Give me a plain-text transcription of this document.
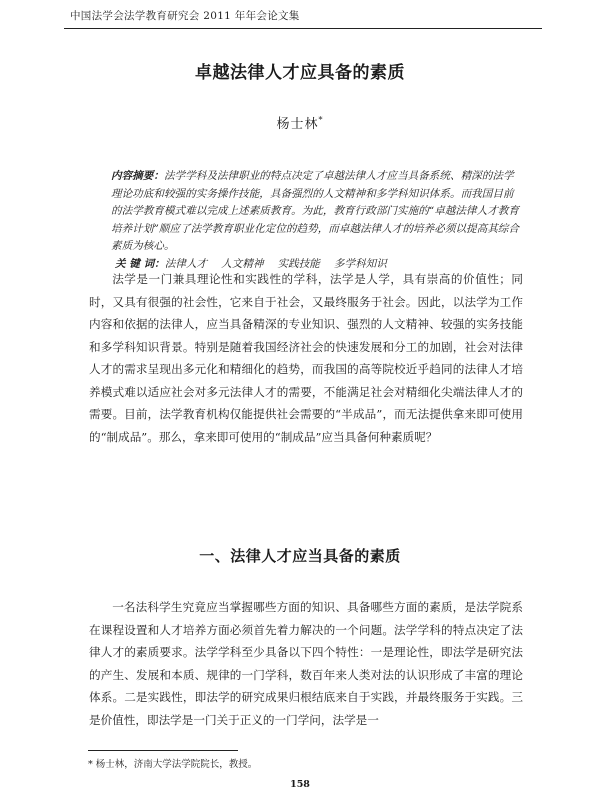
中国法学会法学教育研究会 2011 年年会论文集
卓越法律人才应具备的素质
杨士林*

内容摘要：法学学科及法律职业的特点决定了卓越法律人才应当具备系统、精深的法学理论功底和较强的实务操作技能，具备强烈的人文精神和多学科知识体系。而我国目前的法学教育模式难以完成上述素质教育。为此，教育行政部门实施的“卓越法律人才教育培养计划”顺应了法学教育职业化定位的趋势，而卓越法律人才的培养必须以提高其综合素质为核心。

关 键 词：法律人才 人文精神 实践技能 多学科知识

法学是一门兼具理论性和实践性的学科，法学是人学，具有崇高的价值性；同时，又具有很强的社会性，它来自于社会，又最终服务于社会。因此，以法学为工作内容和依据的法律人，应当具备精深的专业知识、强烈的人文精神、较强的实务技能和多学科知识背景。特别是随着我国经济社会的快速发展和分工的加剧，社会对法律人才的需求呈现出多元化和精细化的趋势，而我国的高等院校近乎趋同的法律人才培养模式难以适应社会对多元法律人才的需要，不能满足社会对精细化尖端法律人才的需要。目前，法学教育机构仅能提供社会需要的“半成品”，而无法提供拿来即可使用的“制成品”。那么，拿来即可使用的“制成品”应当具备何种素质呢？

一、法律人才应当具备的素质

一名法科学生究竟应当掌握哪些方面的知识、具备哪些方面的素质，是法学院系在课程设置和人才培养方面必须首先着力解决的一个问题。法学学科的特点决定了法律人才的素质要求。法学学科至少具备以下四个特性：一是理论性，即法学是研究法的产生、发展和本质、规律的一门学科，数百年来人类对法的认识形成了丰富的理论体系。二是实践性，即法学的研究成果归根结底来自于实践，并最终服务于实践。三是价值性，即法学是一门关于正义的一门学问，法学是一

* 杨士林，济南大学法学院院长，教授。
158
